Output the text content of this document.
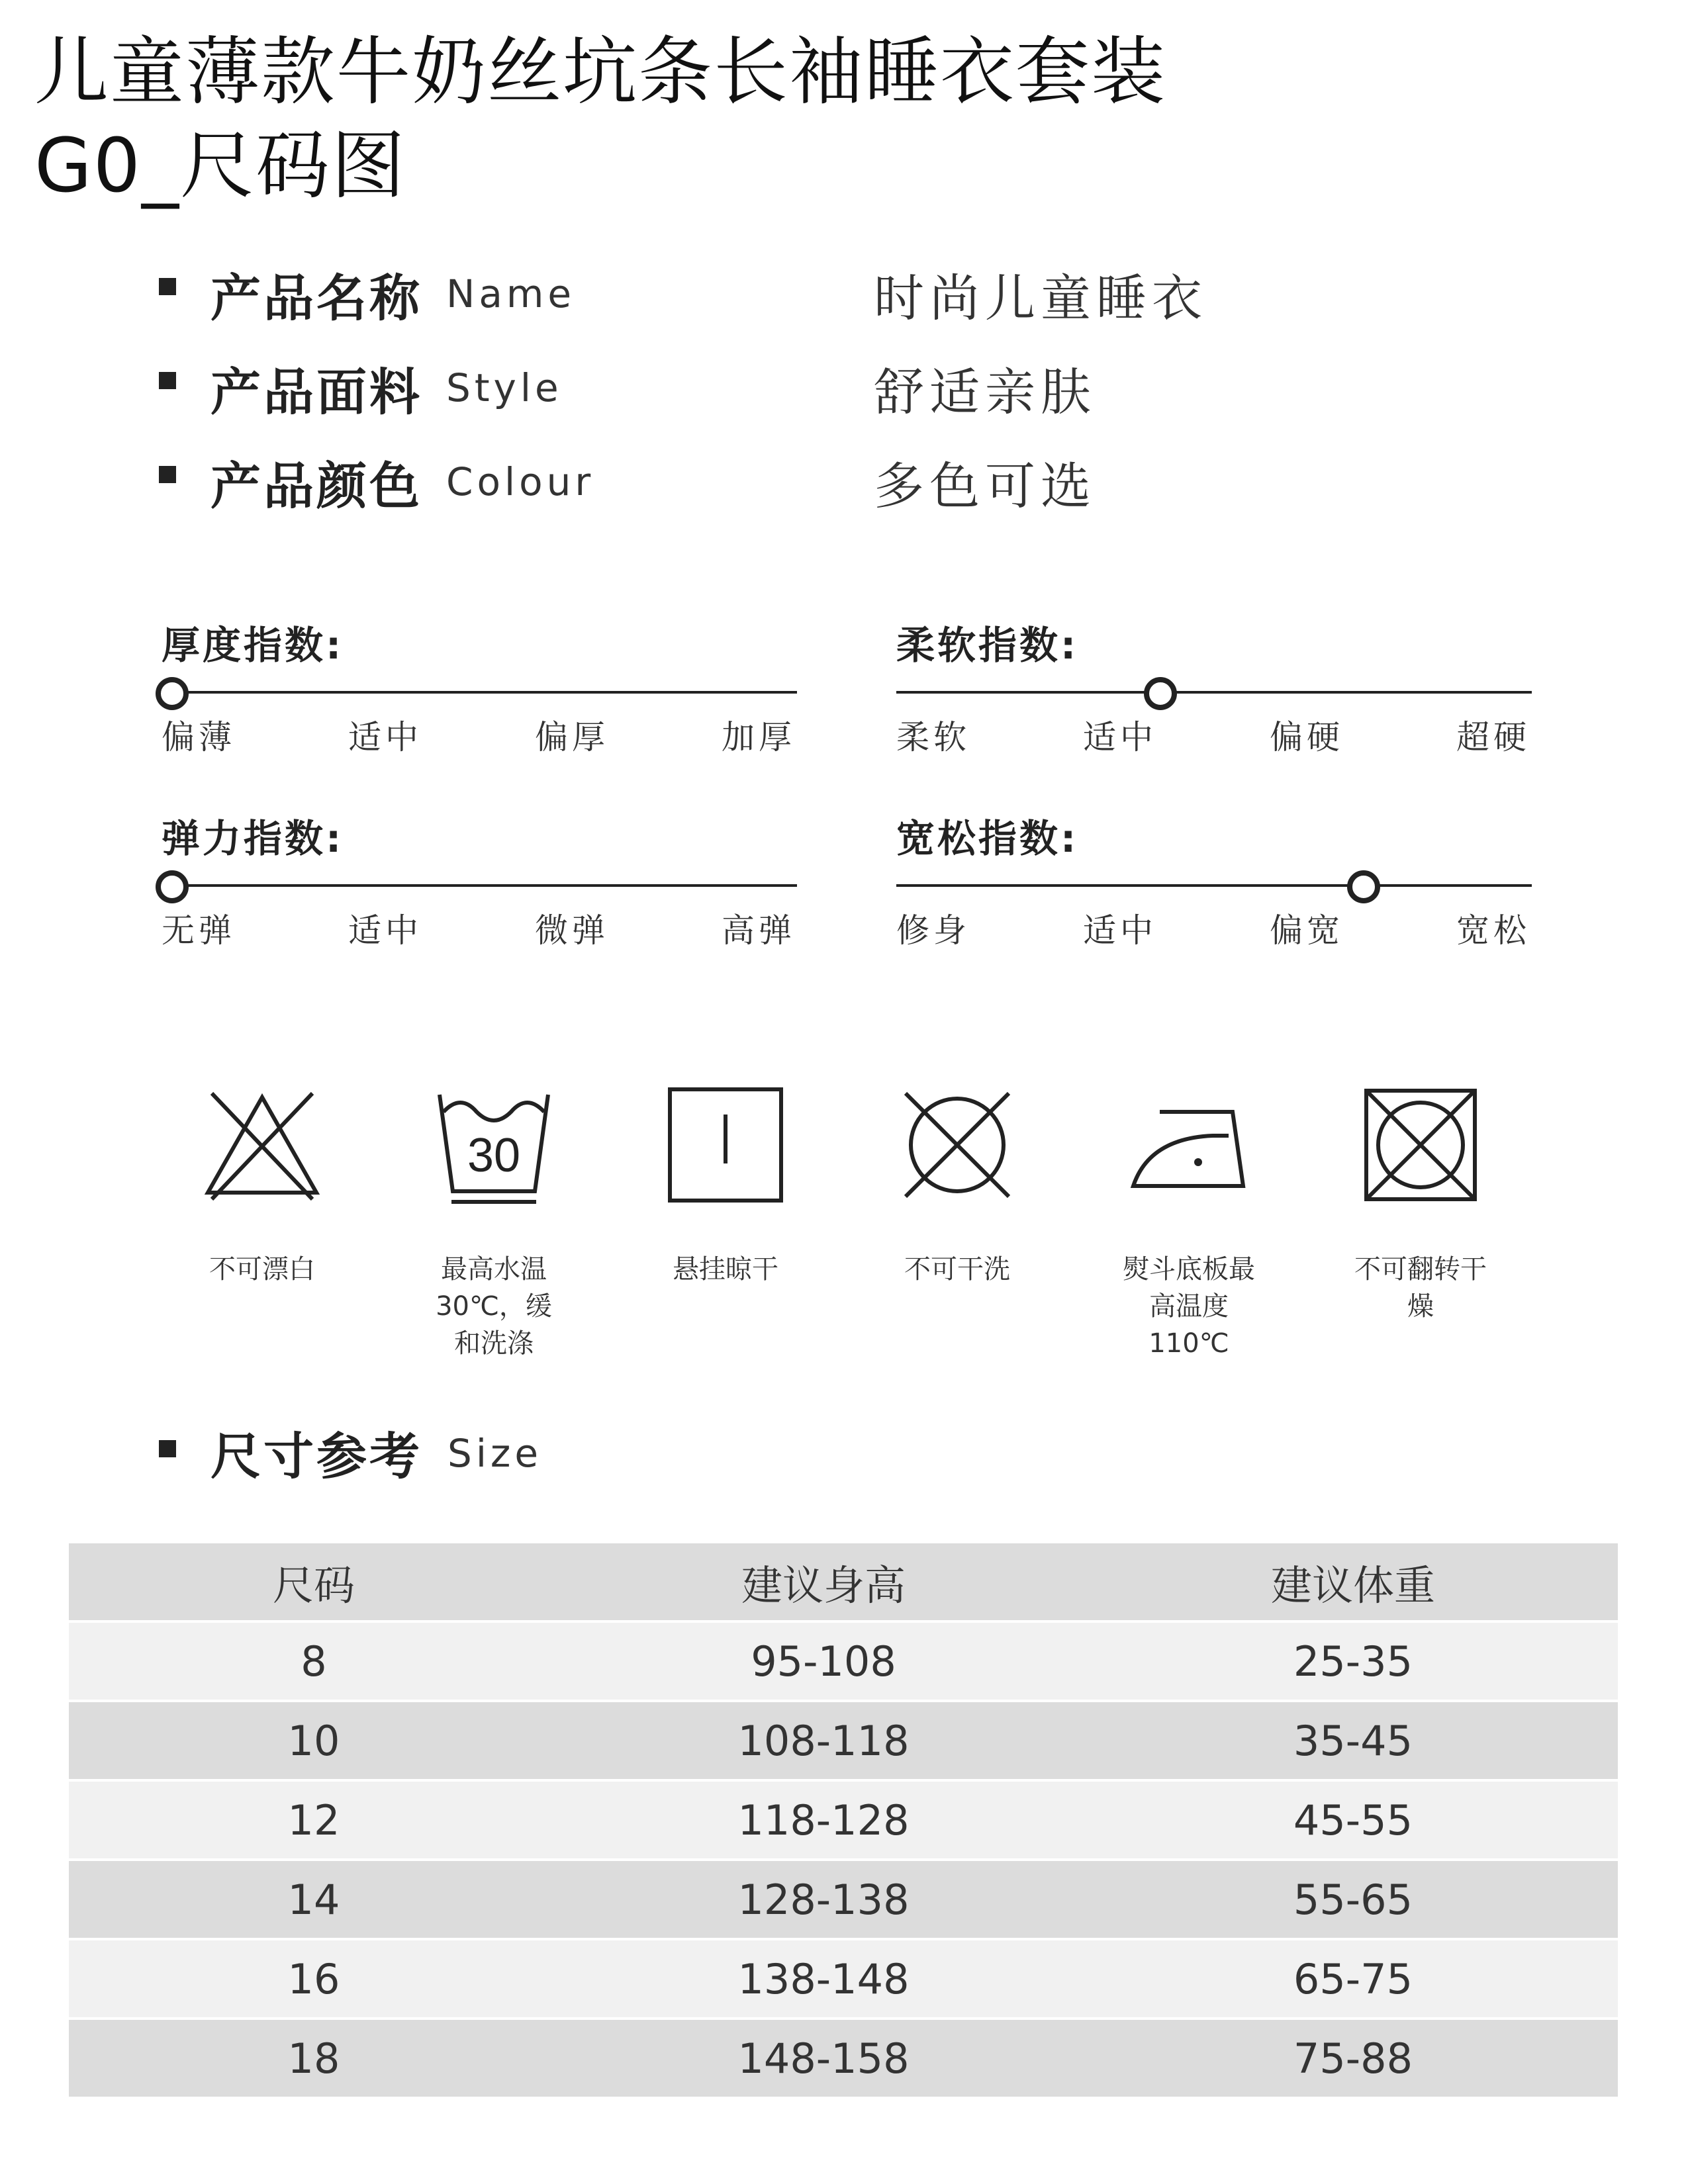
儿童薄款牛奶丝坑条长袖睡衣套装
G0_尺码图
产品名称 Name	时尚儿童睡衣
产品面料 Style	舒适亲肤
产品颜色 Colour	多色可选
厚度指数:
偏薄	适中	偏厚	加厚
柔软指数:
柔软	适中	偏硬	超硬
弹力指数:
无弹	适中	微弹	高弹
宽松指数:
修身	适中	偏宽	宽松
不可漂白
30
最高水温
30℃，缓
和洗涤
悬挂晾干	不可干洗	熨斗底板最
高温度
110℃
不可翻转干
燥
尺寸参考 Size
尺码	建议身高	建议体重
8	95-108	25-35
10	108-118	35-45
12	118-128	45-55
14	128-138	55-65
16	138-148	65-75
18	148-158	75-88
